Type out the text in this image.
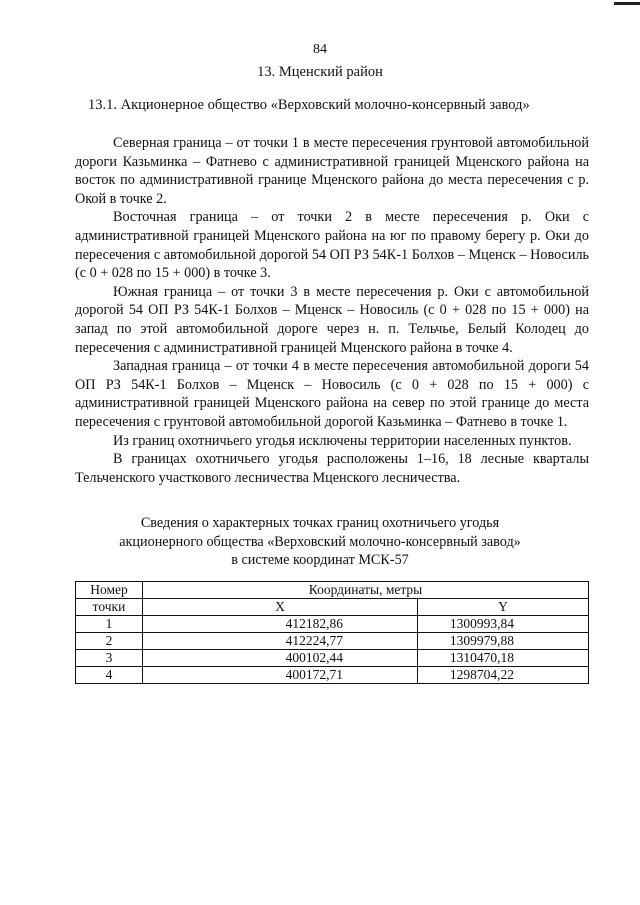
84
13. Мценский район
13.1. Акционерное общество «Верховский молочно-консервный завод»

Северная граница – от точки 1 в месте пересечения грунтовой автомобильной дороги Казьминка – Фатнево с административной границей Мценского района на восток по административной границе Мценского района до места пересечения с р. Окой в точке 2.

Восточная граница – от точки 2 в месте пересечения р. Оки с административной границей Мценского района на юг по правому берегу р. Оки до пересечения с автомобильной дорогой 54 ОП РЗ 54К-1 Болхов – Мценск – Новосиль (с 0 + 028 по 15 + 000) в точке 3.

Южная граница – от точки 3 в месте пересечения р. Оки с автомобильной дорогой 54 ОП РЗ 54К-1 Болхов – Мценск – Новосиль (с 0 + 028 по 15 + 000) на запад по этой автомобильной дороге через н. п. Тельчье, Белый Колодец до пересечения с административной границей Мценского района в точке 4.

Западная граница – от точки 4 в месте пересечения автомобильной дороги 54 ОП РЗ 54К-1 Болхов – Мценск – Новосиль (с 0 + 028 по 15 + 000) с административной границей Мценского района на север по этой границе до места пересечения с грунтовой автомобильной дорогой Казьминка – Фатнево в точке 1.

Из границ охотничьего угодья исключены территории населенных пунктов.

В границах охотничьего угодья расположены 1–16, 18 лесные кварталы Тельченского участкового лесничества Мценского лесничества.

Сведения о характерных точках границ охотничьего угодья
акционерного общества «Верховский молочно-консервный завод»
в системе координат МСК-57
Номер	Координаты, метры	
точки	X	Y
1	412182,86	1300993,84
2	412224,77	1309979,88
3	400102,44	1310470,18
4	400172,71	1298704,22
